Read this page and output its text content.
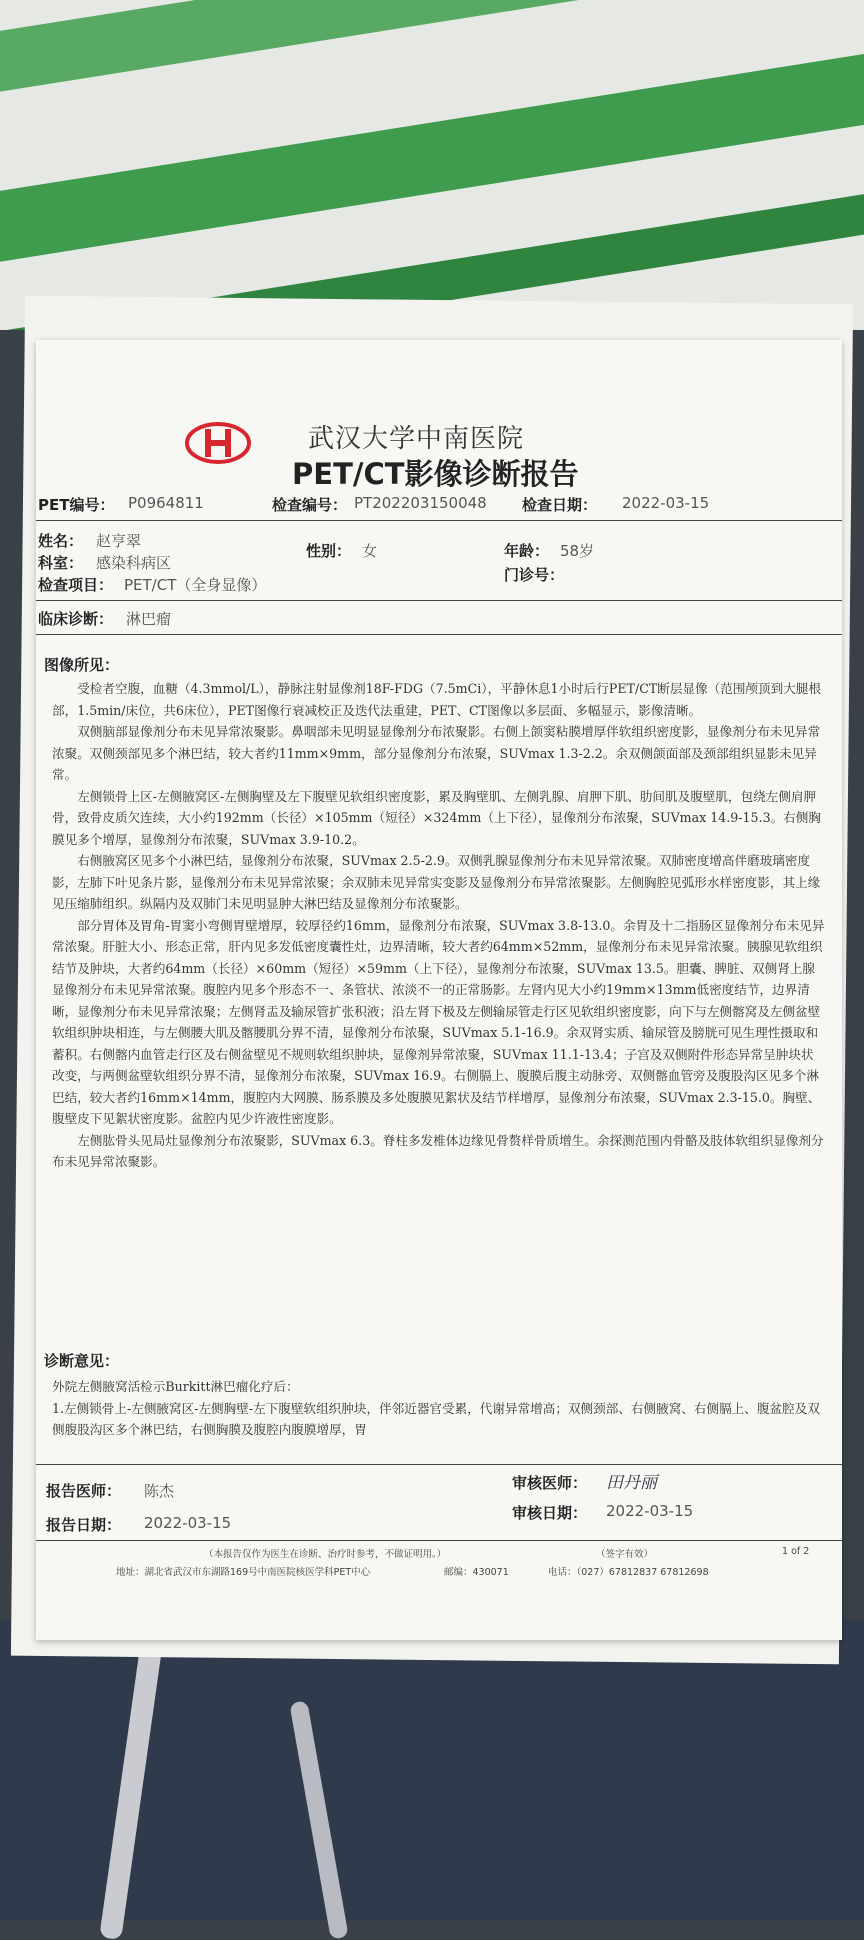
武汉大学中南医院
PET/CT影像诊断报告
PET编号： P0964811	检查编号： PT202203150048 检查日期： 2022-03-15
姓名： 赵亨翠
性别： 女	年龄： 58岁
科室： 感染科病区
门诊号：
检查项目： PET/CT（全身显像）
临床诊断： 淋巴瘤
图像所见：

受检者空腹，血糖（4.3mmol/L），静脉注射显像剂18F-FDG（7.5mCi），平静休息1小时后行PET/CT断层显像（范围颅顶到大腿根部，1.5min/床位，共6床位），PET图像行衰减校正及迭代法重建，PET、CT图像以多层面、多幅显示，影像清晰。

双侧脑部显像剂分布未见异常浓聚影。鼻咽部未见明显显像剂分布浓聚影。右侧上颌窦粘膜增厚伴软组织密度影，显像剂分布未见异常浓聚。双侧颈部见多个淋巴结，较大者约11mm×9mm，部分显像剂分布浓聚，SUVmax 1.3-2.2。余双侧颌面部及颈部组织显影未见异常。

左侧锁骨上区-左侧腋窝区-左侧胸壁及左下腹壁见软组织密度影，累及胸壁肌、左侧乳腺、肩胛下肌、肋间肌及腹壁肌，包绕左侧肩胛骨，致骨皮质欠连续，大小约192mm（长径）×105mm（短径）×324mm（上下径），显像剂分布浓聚，SUVmax 14.9-15.3。右侧胸膜见多个增厚，显像剂分布浓聚，SUVmax 3.9-10.2。

右侧腋窝区见多个小淋巴结，显像剂分布浓聚，SUVmax 2.5-2.9。双侧乳腺显像剂分布未见异常浓聚。双肺密度增高伴磨玻璃密度影，左肺下叶见条片影，显像剂分布未见异常浓聚；余双肺未见异常实变影及显像剂分布异常浓聚影。左侧胸腔见弧形水样密度影，其上缘见压缩肺组织。纵隔内及双肺门未见明显肿大淋巴结及显像剂分布浓聚影。

部分胃体及胃角-胃窦小弯侧胃壁增厚，较厚径约16mm，显像剂分布浓聚，SUVmax 3.8-13.0。余胃及十二指肠区显像剂分布未见异常浓聚。肝脏大小、形态正常，肝内见多发低密度囊性灶，边界清晰，较大者约64mm×52mm，显像剂分布未见异常浓聚。胰腺见软组织结节及肿块，大者约64mm（长径）×60mm（短径）×59mm（上下径），显像剂分布浓聚，SUVmax 13.5。胆囊、脾脏、双侧肾上腺显像剂分布未见异常浓聚。腹腔内见多个形态不一、条管状、浓淡不一的正常肠影。左肾内见大小约19mm×13mm低密度结节，边界清晰，显像剂分布未见异常浓聚；左侧肾盂及输尿管扩张积液；沿左肾下极及左侧输尿管走行区见软组织密度影，向下与左侧髂窝及左侧盆壁软组织肿块相连，与左侧腰大肌及髂腰肌分界不清，显像剂分布浓聚，SUVmax 5.1-16.9。余双肾实质、输尿管及膀胱可见生理性摄取和蓄积。右侧髂内血管走行区及右侧盆壁见不规则软组织肿块，显像剂异常浓聚，SUVmax 11.1-13.4；子宫及双侧附件形态异常呈肿块状改变，与两侧盆壁软组织分界不清，显像剂分布浓聚，SUVmax 16.9。右侧膈上、腹膜后腹主动脉旁、双侧髂血管旁及腹股沟区见多个淋巴结，较大者约16mm×14mm，腹腔内大网膜、肠系膜及多处腹膜见絮状及结节样增厚，显像剂分布浓聚，SUVmax 2.3-15.0。胸壁、腹壁皮下见絮状密度影。盆腔内见少许液性密度影。

左侧肱骨头见局灶显像剂分布浓聚影，SUVmax 6.3。脊柱多发椎体边缘见骨赘样骨质增生。余探测范围内骨骼及肢体软组织显像剂分布未见异常浓聚影。

诊断意见：

外院左侧腋窝活检示Burkitt淋巴瘤化疗后：

1.左侧锁骨上-左侧腋窝区-左侧胸壁-左下腹壁软组织肿块，伴邻近器官受累，代谢异常增高；双侧颈部、右侧腋窝、右侧膈上、腹盆腔及双侧腹股沟区多个淋巴结，右侧胸膜及腹腔内腹膜增厚，胃

报告医师： 陈杰	审核医师： 田丹丽
审核日期： 2022-03-15
报告日期： 2022-03-15
（本报告仅作为医生在诊断、治疗时参考，不做证明用。）	（签字有效）	1 of 2
地址：湖北省武汉市东湖路169号中南医院核医学科PET中心	邮编：430071	电话：（027）67812837 67812698
